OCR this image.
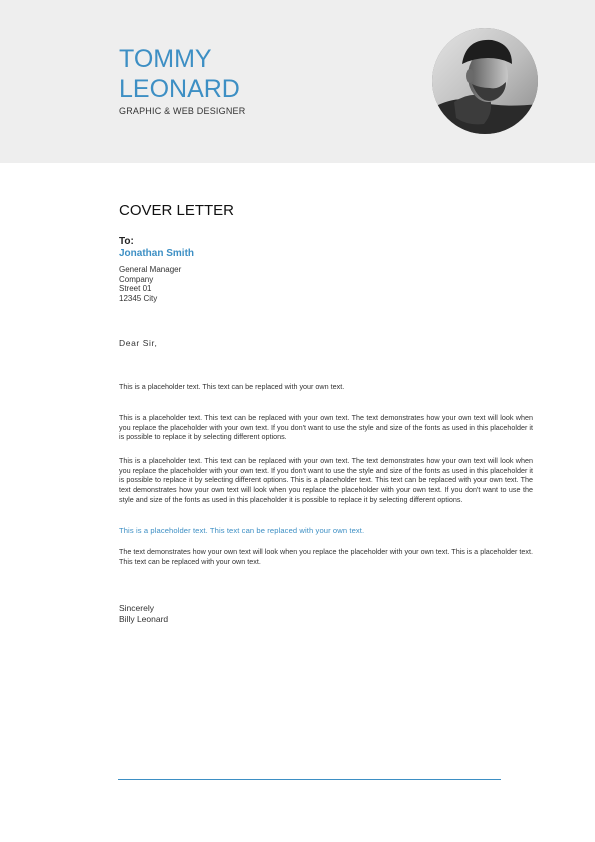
TOMMY
LEONARD
GRAPHIC & WEB DESIGNER
COVER LETTER
To:
Jonathan Smith
General Manager
Company
Street 01
12345 City
Dear Sir,

This is a placeholder text. This text can be replaced with your own text.

This is a placeholder text. This text can be replaced with your own text. The text demonstrates how your own text will look when you replace the placeholder with your own text. If you don't want to use the style and size of the fonts as used in this placeholder it is possible to replace it by selecting different options.

This is a placeholder text. This text can be replaced with your own text. The text demonstrates how your own text will look when you replace the placeholder with your own text. If you don't want to use the style and size of the fonts as used in this placeholder it is possible to replace it by selecting different options. This is a placeholder text. This text can be replaced with your own text. The text demonstrates how your own text will look when you replace the placeholder with your own text. If you don't want to use the style and size of the fonts as used in this placeholder it is possible to replace it by selecting different options.

This is a placeholder text. This text can be replaced with your own text.

The text demonstrates how your own text will look when you replace the placeholder with your own text. This is a placeholder text. This text can be replaced with your own text.

Sincerely
Billy Leonard
